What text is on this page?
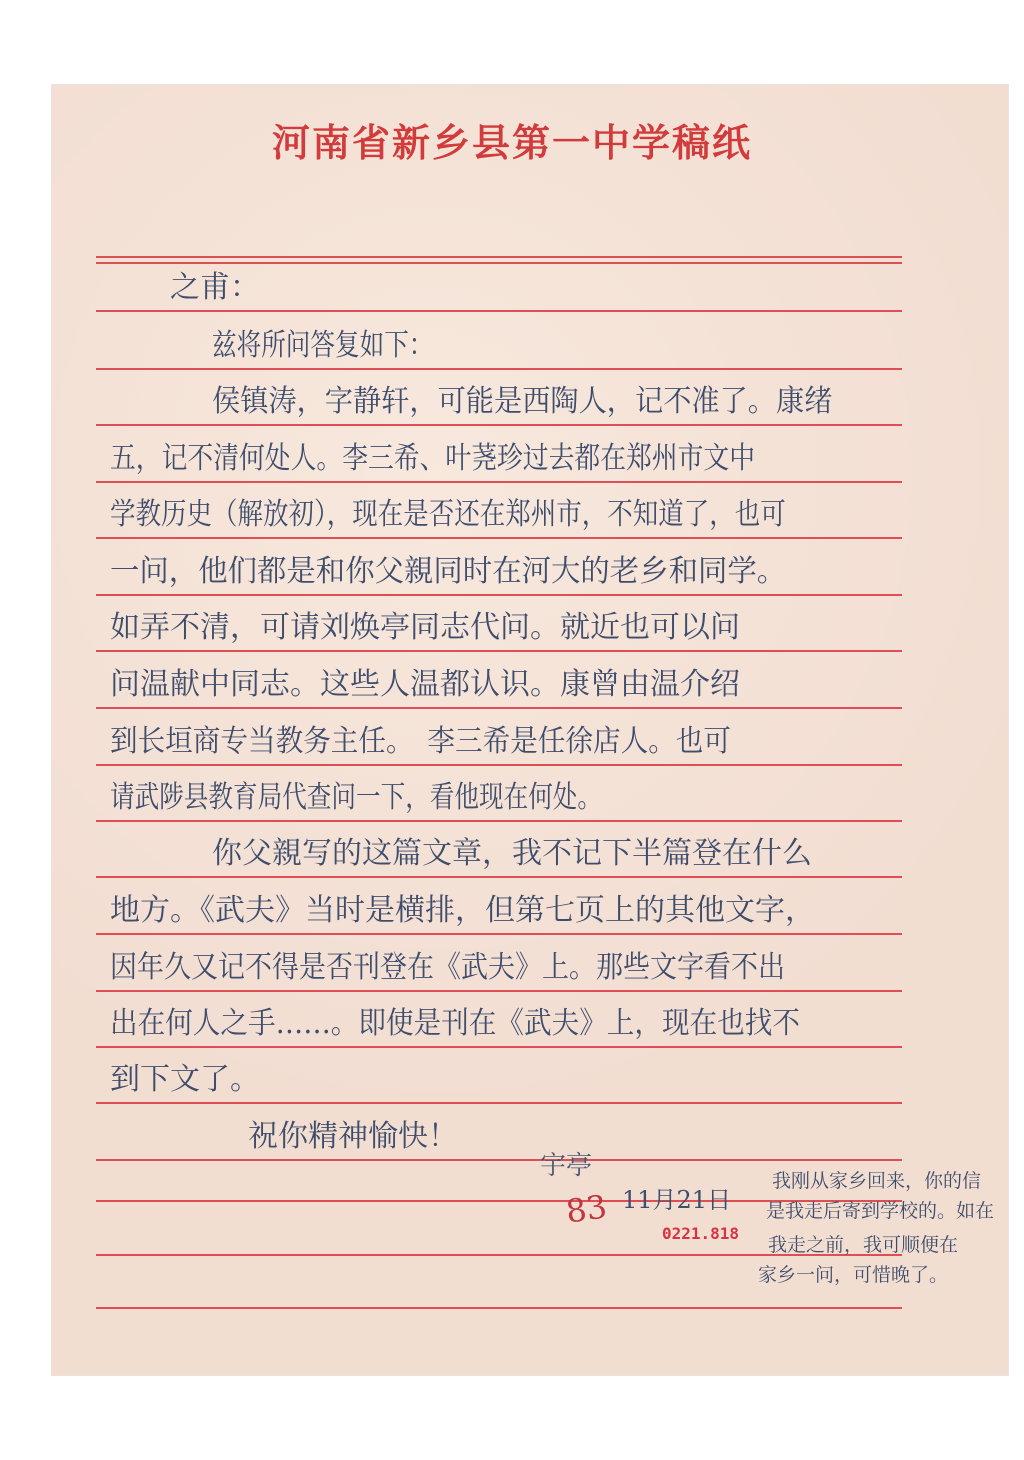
河南省新乡县第一中学稿纸

之甫：

兹将所问答复如下：

侯镇涛，字静轩，可能是西陶人，记不准了。康绪

五，记不清何处人。李三希、叶荛珍过去都在郑州市文中

学教历史（解放初），现在是否还在郑州市，不知道了，也可

一问，他们都是和你父親同时在河大的老乡和同学。

如弄不清，可请刘焕亭同志代问。就近也可以问

问温献中同志。这些人温都认识。康曾由温介绍

到长垣商专当教务主任。　李三希是任徐店人。也可

请武陟县教育局代查问一下，看他现在何处。

你父親写的这篇文章，我不记下半篇登在什么

地方。《武夫》当时是横排，但第七页上的其他文字，

因年久又记不得是否刊登在《武夫》上。那些文字看不出

出在何人之手……。即使是刊在《武夫》上，现在也找不

到下文了。

祝你精神愉快！

宇亭

83 11月21日

我刚从家乡回来，你的信

是我走后寄到学校的。如在

我走之前，我可顺便在

家乡一问，可惜晚了。

0221.818
